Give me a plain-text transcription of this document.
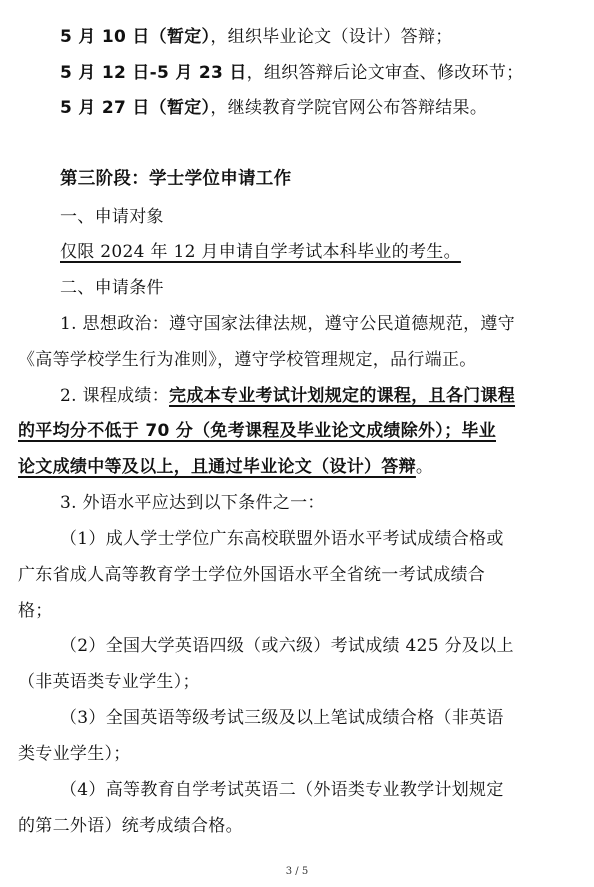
5 月 10 日（暂定），组织毕业论文（设计）答辩；
5 月 12 日-5 月 23 日，组织答辩后论文审查、修改环节；
5 月 27 日（暂定），继续教育学院官网公布答辩结果。
第三阶段：学士学位申请工作
一、申请对象
仅限 2024 年 12 月申请自学考试本科毕业的考生。
二、申请条件
1. 思想政治：遵守国家法律法规，遵守公民道德规范，遵守
《高等学校学生行为准则》，遵守学校管理规定，品行端正。
2. 课程成绩：完成本专业考试计划规定的课程，且各门课程
的平均分不低于 70 分（免考课程及毕业论文成绩除外）；毕业
论文成绩中等及以上，且通过毕业论文（设计）答辩。
3. 外语水平应达到以下条件之一：
（1）成人学士学位广东高校联盟外语水平考试成绩合格或
广东省成人高等教育学士学位外国语水平全省统一考试成绩合
格；
（2）全国大学英语四级（或六级）考试成绩 425 分及以上
（非英语类专业学生）；
（3）全国英语等级考试三级及以上笔试成绩合格（非英语
类专业学生）；
（4）高等教育自学考试英语二（外语类专业教学计划规定
的第二外语）统考成绩合格。
3 / 5
